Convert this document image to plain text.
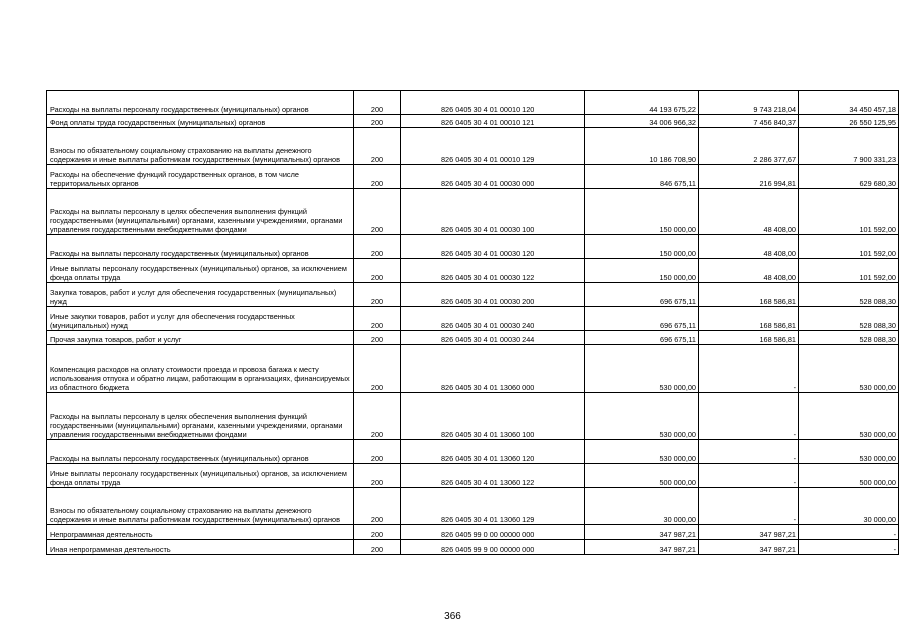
Расходы на выплаты персоналу государственных (муниципальных) органов	200	826 0405 30 4 01 00010 120	44 193 675,22	9 743 218,04	34 450 457,18
Фонд оплаты труда государственных (муниципальных) органов	200	826 0405 30 4 01 00010 121	34 006 966,32	7 456 840,37	26 550 125,95
Взносы по обязательному социальному страхованию на выплаты денежного содержания и иные выплаты работникам государственных (муниципальных) органов	200	826 0405 30 4 01 00010 129	10 186 708,90	2 286 377,67	7 900 331,23
Расходы на обеспечение функций государственных органов, в том числе территориальных органов	200	826 0405 30 4 01 00030 000	846 675,11	216 994,81	629 680,30
Расходы на выплаты персоналу в целях обеспечения выполнения функций государственными (муниципальными) органами, казенными учреждениями, органами управления государственными внебюджетными фондами	200	826 0405 30 4 01 00030 100	150 000,00	48 408,00	101 592,00
Расходы на выплаты персоналу государственных (муниципальных) органов	200	826 0405 30 4 01 00030 120	150 000,00	48 408,00	101 592,00
Иные выплаты персоналу государственных (муниципальных) органов, за исключением фонда оплаты труда	200	826 0405 30 4 01 00030 122	150 000,00	48 408,00	101 592,00
Закупка товаров, работ и услуг для обеспечения государственных (муниципальных) нужд	200	826 0405 30 4 01 00030 200	696 675,11	168 586,81	528 088,30
Иные закупки товаров, работ и услуг для обеспечения государственных (муниципальных) нужд	200	826 0405 30 4 01 00030 240	696 675,11	168 586,81	528 088,30
Прочая закупка товаров, работ и услуг	200	826 0405 30 4 01 00030 244	696 675,11	168 586,81	528 088,30
Компенсация расходов на оплату стоимости проезда и провоза багажа к месту использования отпуска и обратно лицам, работающим в организациях, финансируемых из областного бюджета	200	826 0405 30 4 01 13060 000	530 000,00	-	530 000,00
Расходы на выплаты персоналу в целях обеспечения выполнения функций государственными (муниципальными) органами, казенными учреждениями, органами управления государственными внебюджетными фондами	200	826 0405 30 4 01 13060 100	530 000,00	-	530 000,00
Расходы на выплаты персоналу государственных (муниципальных) органов	200	826 0405 30 4 01 13060 120	530 000,00	-	530 000,00
Иные выплаты персоналу государственных (муниципальных) органов, за исключением фонда оплаты труда	200	826 0405 30 4 01 13060 122	500 000,00	-	500 000,00
Взносы по обязательному социальному страхованию на выплаты денежного содержания и иные выплаты работникам государственных (муниципальных) органов	200	826 0405 30 4 01 13060 129	30 000,00	-	30 000,00
Непрограммная деятельность	200	826 0405 99 0 00 00000 000	347 987,21	347 987,21	-
Иная непрограммная деятельность	200	826 0405 99 9 00 00000 000	347 987,21	347 987,21	-
366
